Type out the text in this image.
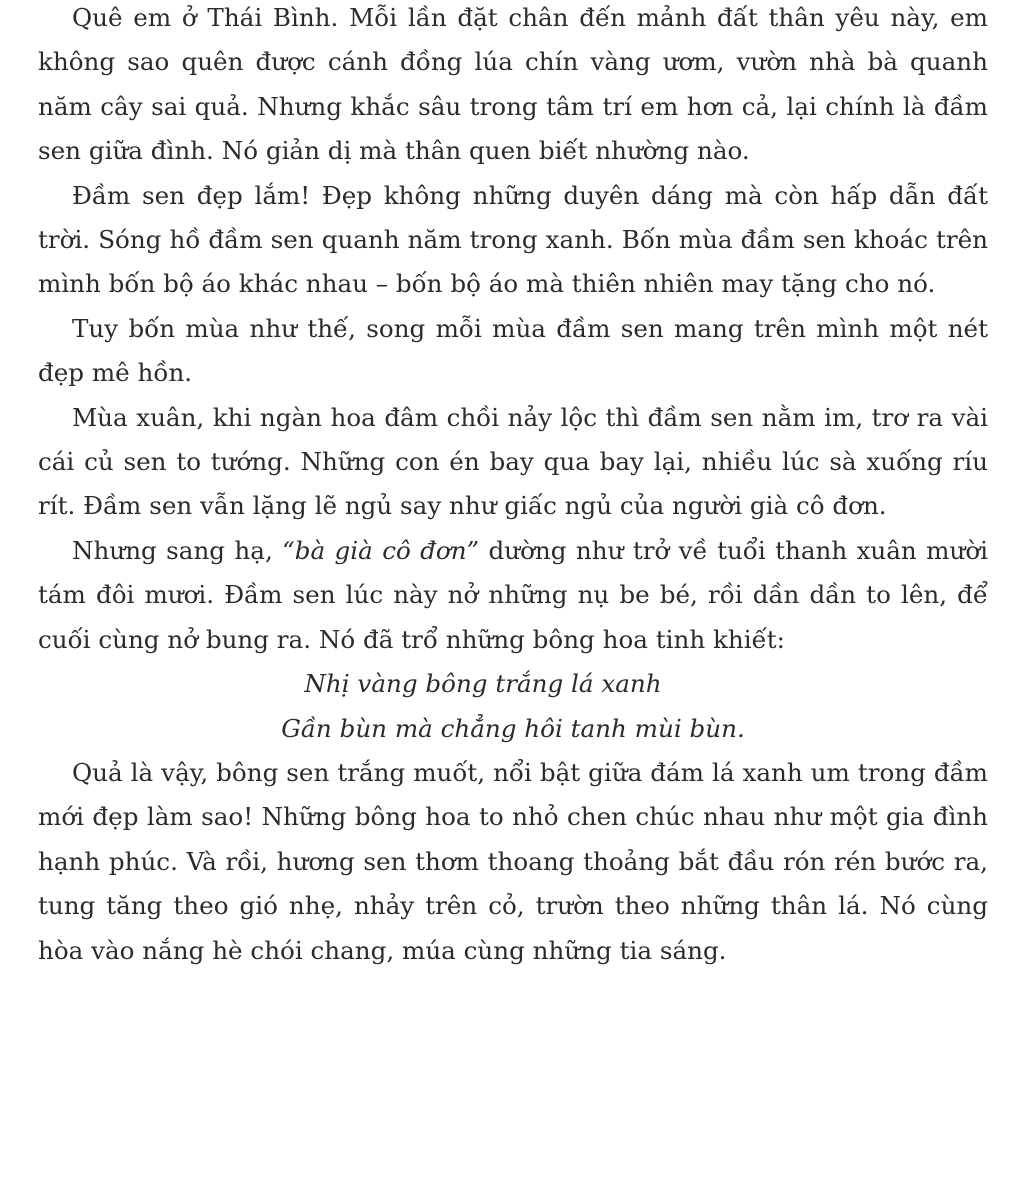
Quê em ở Thái Bình. Mỗi lần đặt chân đến mảnh đất thân yêu này, em không sao quên được cánh đồng lúa chín vàng ươm, vườn nhà bà quanh năm cây sai quả. Nhưng khắc sâu trong tâm trí em hơn cả, lại chính là đầm sen giữa đình. Nó giản dị mà thân quen biết nhường nào.

Đầm sen đẹp lắm! Đẹp không những duyên dáng mà còn hấp dẫn đất trời. Sóng hồ đầm sen quanh năm trong xanh. Bốn mùa đầm sen khoác trên mình bốn bộ áo khác nhau – bốn bộ áo mà thiên nhiên may tặng cho nó.

Tuy bốn mùa như thế, song mỗi mùa đầm sen mang trên mình một nét đẹp mê hồn.

Mùa xuân, khi ngàn hoa đâm chồi nảy lộc thì đầm sen nằm im, trơ ra vài cái củ sen to tướng. Những con én bay qua bay lại, nhiều lúc sà xuống ríu rít. Đầm sen vẫn lặng lẽ ngủ say như giấc ngủ của người già cô đơn.

Nhưng sang hạ, “bà già cô đơn” dường như trở về tuổi thanh xuân mười tám đôi mươi. Đầm sen lúc này nở những nụ be bé, rồi dần dần to lên, để cuối cùng nở bung ra. Nó đã trổ những bông hoa tinh khiết:

Nhị vàng bông trắng lá xanh
Gần bùn mà chẳng hôi tanh mùi bùn.

Quả là vậy, bông sen trắng muốt, nổi bật giữa đám lá xanh um trong đầm mới đẹp làm sao! Những bông hoa to nhỏ chen chúc nhau như một gia đình hạnh phúc. Và rồi, hương sen thơm thoang thoảng bắt đầu rón rén bước ra, tung tăng theo gió nhẹ, nhảy trên cỏ, trườn theo những thân lá. Nó cùng hòa vào nắng hè chói chang, múa cùng những tia sáng.
